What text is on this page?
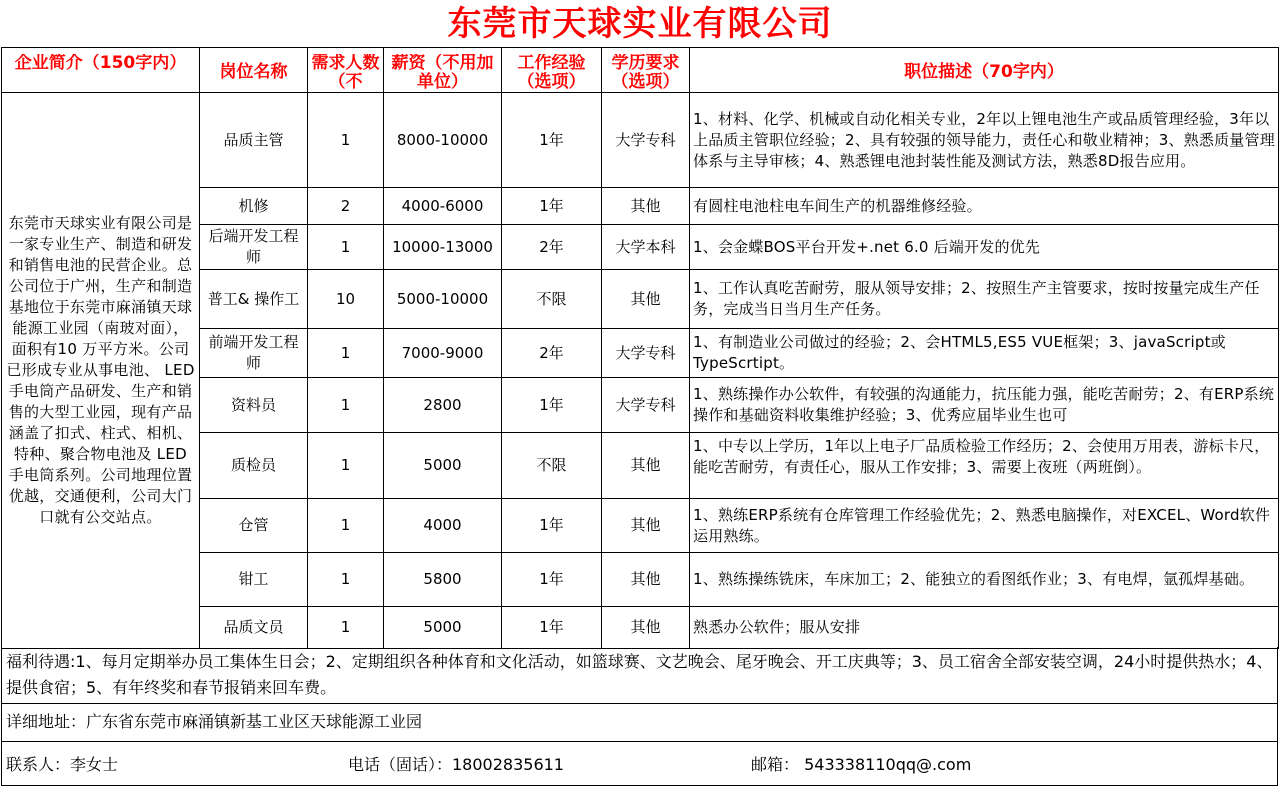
东莞市天球实业有限公司
企业简介（150字内）	岗位名称	需求人数（不	薪资（不用加单位）	工作经验（选项）	学历要求（选项）	职位描述（70字内）

东莞市天球实业有限公司是一家专业生产、制造和研发和销售电池的民营企业。总公司位于广州，生产和制造基地位于东莞市麻涌镇天球能源工业园（南玻对面），面积有10 万平方米。公司已形成专业从事电池、 LED 手电筒产品研发、生产和销售的大型工业园，现有产品涵盖了扣式、柱式、相机、特种、聚合物电池及 LED 手电筒系列。公司地理位置优越，交通便利，公司大门口就有公交站点。	品质主管	1	8000-10000	1年	大学专科	1、材料、化学、机械或自动化相关专业，2年以上锂电池生产或品质管理经验，3年以上品质主管职位经验；2、具有较强的领导能力，责任心和敬业精神；3、熟悉质量管理体系与主导审核；4、熟悉锂电池封装性能及测试方法，熟悉8D报告应用。
	机修	2	4000-6000	1年	其他	有圆柱电池柱电车间生产的机器维修经验。
	后端开发工程师	1	10000-13000	2年	大学本科	1、会金蝶BOS平台开发+.net 6.0 后端开发的优先
	普工& 操作工	10	5000-10000	不限	其他	1、工作认真吃苦耐劳，服从领导安排；2、按照生产主管要求，按时按量完成生产任务，完成当日当月生产任务。
	前端开发工程师	1	7000-9000	2年	大学专科	1、有制造业公司做过的经验；2、会HTML5,ES5 VUE框架；3、javaScript或TypeScrtipt。
	资料员	1	2800	1年	大学专科	1、熟练操作办公软件，有较强的沟通能力，抗压能力强，能吃苦耐劳；2、有ERP系统操作和基础资料收集维护经验；3、优秀应届毕业生也可
	质检员	1	5000	不限	其他	1、中专以上学历，1年以上电子厂品质检验工作经历；2、会使用万用表，游标卡尺，能吃苦耐劳，有责任心，服从工作安排；3、需要上夜班（两班倒）。

	仓管	1	4000	1年	其他	1、熟练ERP系统有仓库管理工作经验优先；2、熟悉电脑操作，对EXCEL、Word软件运用熟练。
	钳工	1	5800	1年	其他	1、熟练操练铣床，车床加工；2、能独立的看图纸作业；3、有电焊，氩孤焊基础。
	品质文员	1	5000	1年	其他	熟悉办公软件；服从安排
福利待遇:1、每月定期举办员工集体生日会；2、定期组织各种体育和文化活动，如篮球赛、文艺晚会、尾牙晚会、开工庆典等；3、员工宿舍全部安装空调，24小时提供热水；4、提供食宿；5、有年终奖和春节报销来回车费。
详细地址：广东省东莞市麻涌镇新基工业区天球能源工业园
联系人：李女士	电话（固话）：18002835611	邮箱： 543338110qq@.com
